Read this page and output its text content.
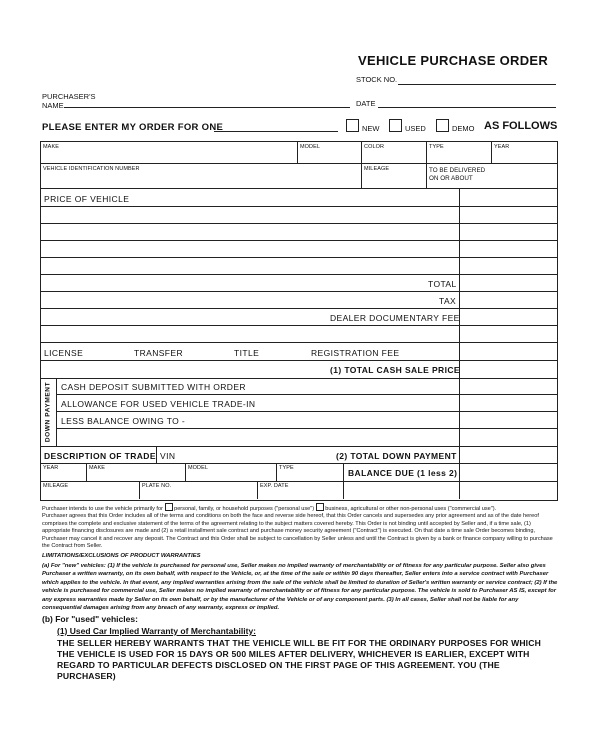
VEHICLE PURCHASE ORDER
STOCK NO.
PURCHASER'S
NAME	DATE
PLEASE ENTER MY ORDER FOR ONE	NEW	USED	DEMO AS FOLLOWS
MAKE	MODEL	COLOR	TYPE	YEAR
VEHICLE IDENTIFICATION NUMBER	MILEAGE	TO BE DELIVERED
ON OR ABOUT
PRICE OF VEHICLE
TOTAL
TAX
DEALER DOCUMENTARY FEE
LICENSE	TRANSFER	TITLE	REGISTRATION FEE
(1) TOTAL CASH SALE PRICE
DOWN PAYMENT CASH DEPOSIT SUBMITTED WITH ORDER
ALLOWANCE FOR USED VEHICLE TRADE-IN
LESS BALANCE OWING TO -
DESCRIPTION OF TRADE VIN	(2) TOTAL DOWN PAYMENT
YEAR	MAKE	MODEL	TYPE	BALANCE DUE (1 less 2)
MILEAGE	PLATE NO.	EXP. DATE
Purchaser intends to use the vehicle primarily for personal, family, or household purposes ("personal use") business, agricultural or other non-personal uses ("commercial use").

Purchaser agrees that this Order includes all of the terms and conditions on both the face and reverse side hereof, that this Order cancels and supersedes any prior agreement and as of the date hereof comprises the complete and exclusive statement of the terms of the agreement relating to the subject matters covered hereby. This Order is not binding until accepted by Seller and, if a time sale, (1) appropriate financing disclosures are made and (2) a retail installment sale contract and purchase money security agreement ("Contract") is executed. On that date a time sale Order becomes binding, Purchaser may cancel it and recover any deposit. The Contract and this Order shall be subject to cancellation by Seller unless and until the Contract is given by a bank or finance company willing to purchase the Contract from Seller.

LIMITATIONS/EXCLUSIONS OF PRODUCT WARRANTIES

(a) For "new" vehicles: (1) If the vehicle is purchased for personal use, Seller makes no implied warranty of merchantability or of fitness for any particular purpose. Seller also gives Purchaser a written warranty, on its own behalf, with respect to the Vehicle, or, at the time of the sale or within 90 days thereafter, Seller enters into a service contract with Purchaser which applies to the vehicle. In that event, any implied warranties arising from the sale of the vehicle shall be limited to duration of Seller's written warranty or service contract; (2) If the vehicle is purchased for commercial use, Seller makes no implied warranty of merchantability or of fitness for any particular purpose. The vehicle is sold to Purchaser AS IS, except for any express warranties made by Seller on its own behalf, or by the manufacturer of the Vehicle or of any component parts. (3) In all cases, Seller shall not be liable for any consequential damages arising from any breach of any warranty, express or implied.

(b) For "used" vehicles:
(1) Used Car Implied Warranty of Merchantability:
THE SELLER HEREBY WARRANTS THAT THE VEHICLE WILL BE FIT FOR THE ORDINARY PURPOSES FOR WHICH THE VEHICLE IS USED FOR 15 DAYS OR 500 MILES AFTER DELIVERY, WHICHEVER IS EARLIER, EXCEPT WITH REGARD TO PARTICULAR DEFECTS DISCLOSED ON THE FIRST PAGE OF THIS AGREEMENT. YOU (THE PURCHASER)
